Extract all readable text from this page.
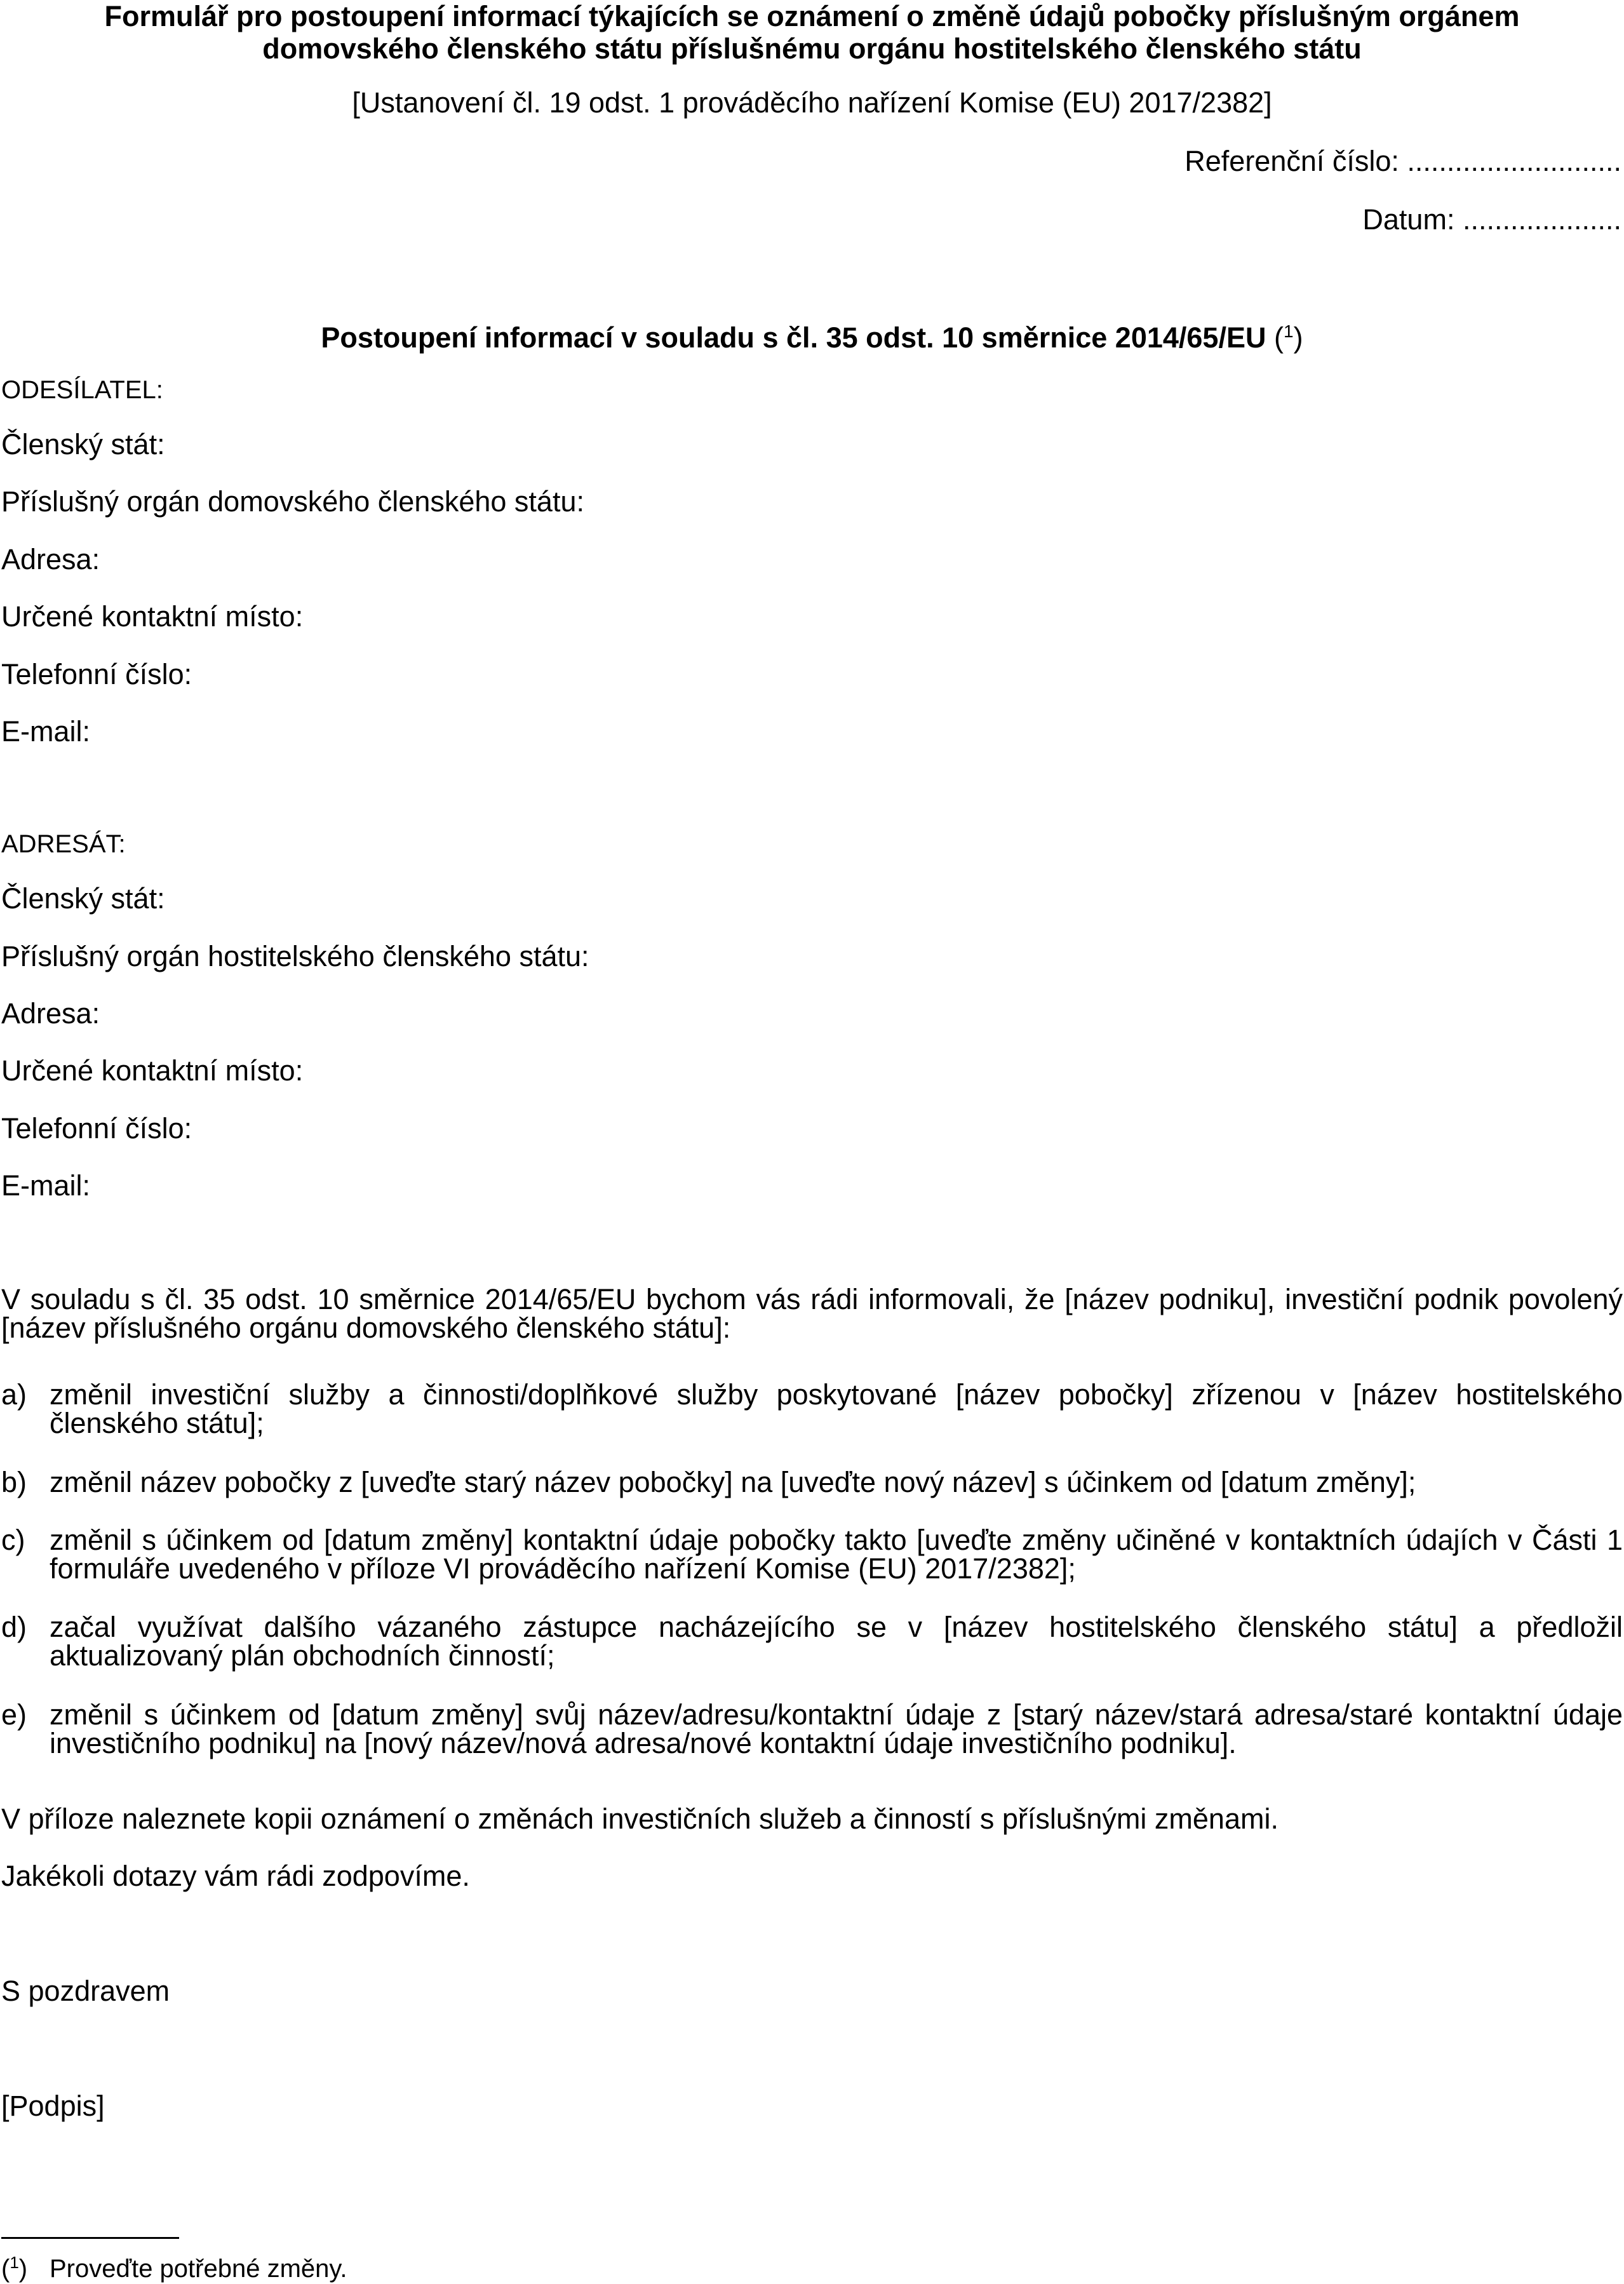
Formulář pro postoupení informací týkajících se oznámení o změně údajů pobočky příslušným orgánem
domovského členského státu příslušnému orgánu hostitelského členského státu
[Ustanovení čl. 19 odst. 1 prováděcího nařízení Komise (EU) 2017/2382]
Referenční číslo: ...........................
Datum: ....................
Postoupení informací v souladu s čl. 35 odst. 10 směrnice 2014/65/EU ($^1$)
ODESÍLATEL:
Členský stát:
Příslušný orgán domovského členského státu:
Adresa:
Určené kontaktní místo:
Telefonní číslo:
E-mail:
ADRESÁT:
Členský stát:
Příslušný orgán hostitelského členského státu:
Adresa:
Určené kontaktní místo:
Telefonní číslo:
E-mail:
V souladu s čl. 35 odst. 10 směrnice 2014/65/EU bychom vás rádi informovali, že [název podniku], investiční podnik povolený [název příslušného orgánu domovského členského státu]:
a) změnil investiční služby a činnosti/doplňkové služby poskytované [název pobočky] zřízenou v [název hostitelského členského státu];
b) změnil název pobočky z [uveďte starý název pobočky] na [uveďte nový název] s účinkem od [datum změny];
c) změnil s účinkem od [datum změny] kontaktní údaje pobočky takto [uveďte změny učiněné v kontaktních údajích v Části 1 formuláře uvedeného v příloze VI prováděcího nařízení Komise (EU) 2017/2382];
d) začal využívat dalšího vázaného zástupce nacházejícího se v [název hostitelského členského státu] a předložil aktualizovaný plán obchodních činností;
e) změnil s účinkem od [datum změny] svůj název/adresu/kontaktní údaje z [starý název/stará adresa/staré kontaktní údaje investičního podniku] na [nový název/nová adresa/nové kontaktní údaje investičního podniku].
V příloze naleznete kopii oznámení o změnách investičních služeb a činností s příslušnými změnami.
Jakékoli dotazy vám rádi zodpovíme.
S pozdravem
[Podpis]
($^1$) Proveďte potřebné změny.
